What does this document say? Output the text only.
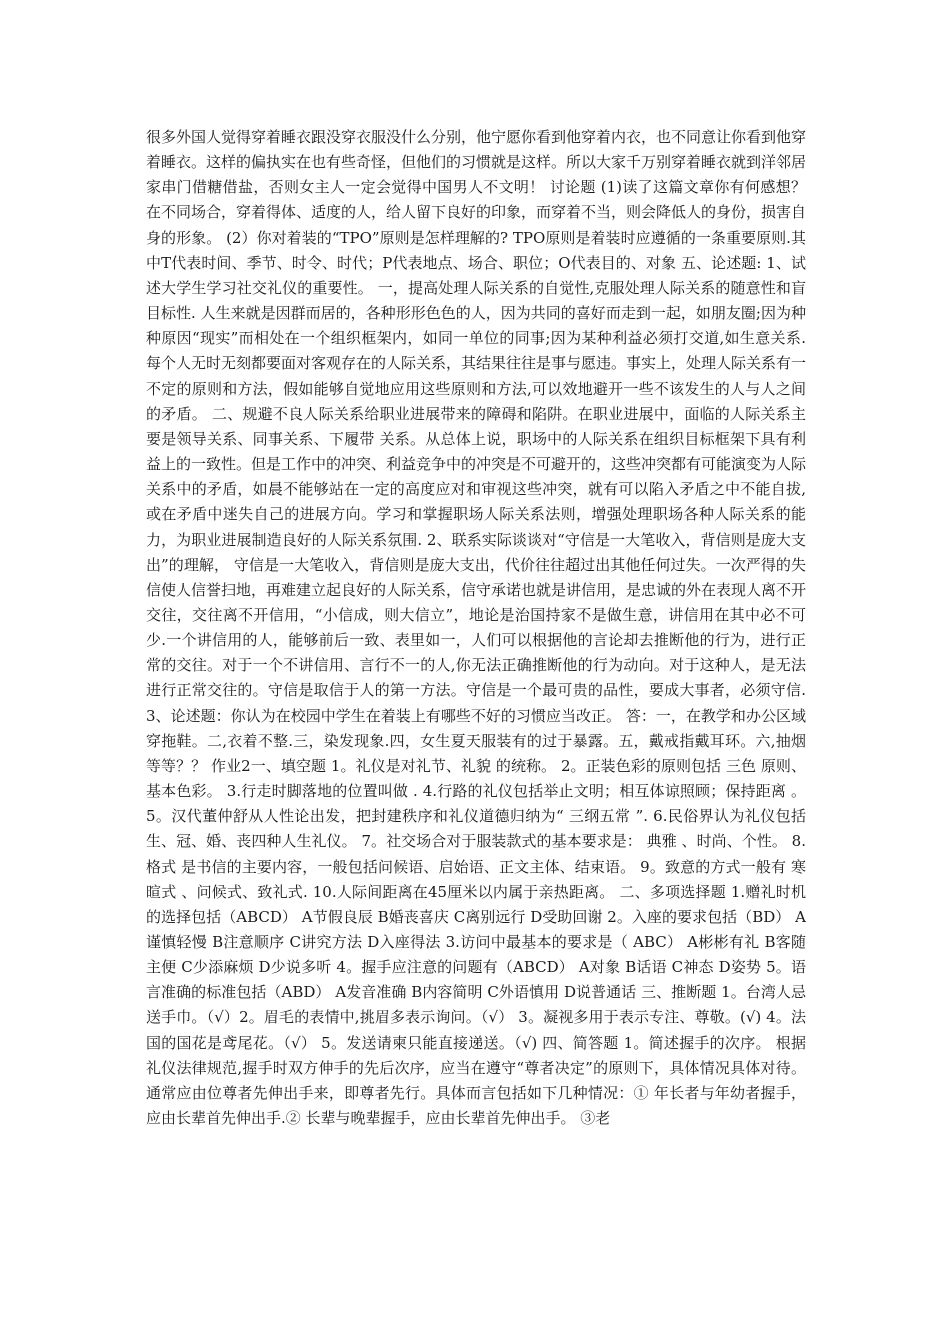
很多外国人觉得穿着睡衣跟没穿衣服没什么分别，他宁愿你看到他穿着内衣，也不同意让你看到他穿着睡衣。这样的偏执实在也有些奇怪，但他们的习惯就是这样。所以大家千万别穿着睡衣就到洋邻居家串门借糖借盐，否则女主人一定会觉得中国男人不文明！ 讨论题 (1)读了这篇文章你有何感想？ 在不同场合，穿着得体、适度的人，给人留下良好的印象，而穿着不当，则会降低人的身份，损害自身的形象。 (2）你对着装的“TPO”原则是怎样理解的? TPO原则是着装时应遵循的一条重要原则.其中T代表时间、季节、时令、时代；P代表地点、场合、职位；O代表目的、对象 五、论述题: 1、试述大学生学习社交礼仪的重要性。 一，提高处理人际关系的自觉性,克服处理人际关系的随意性和盲目标性. 人生来就是因群而居的，各种形形色色的人，因为共同的喜好而走到一起，如朋友圈;因为种种原因“现实”而相处在一个组织框架内，如同一单位的同事;因为某种利益必须打交道,如生意关系. 每个人无时无刻都要面对客观存在的人际关系，其结果往往是事与愿违。事实上，处理人际关系有一不定的原则和方法，假如能够自觉地应用这些原则和方法,可以效地避开一些不该发生的人与人之间的矛盾。 二、规避不良人际关系给职业进展带来的障碍和陷阱。在职业进展中，面临的人际关系主要是领导关系、同事关系、下履带 关系。从总体上说，职场中的人际关系在组织目标框架下具有利益上的一致性。但是工作中的冲突、利益竞争中的冲突是不可避开的，这些冲突都有可能演变为人际关系中的矛盾，如晨不能够站在一定的高度应对和审视这些冲突，就有可以陷入矛盾之中不能自拔,或在矛盾中迷失自己的进展方向。学习和掌握职场人际关系法则，增强处理职场各种人际关系的能力，为职业进展制造良好的人际关系氛围. 2、联系实际谈谈对“守信是一大笔收入，背信则是庞大支出”的理解， 守信是一大笔收入，背信则是庞大支出，代价往往超过出其他任何过失。一次严得的失信使人信誉扫地，再难建立起良好的人际关系，信守承诺也就是讲信用，是忠诚的外在表现人离不开交往，交往离不开信用，“小信成，则大信立”，地论是治国持家不是做生意，讲信用在其中必不可少.一个讲信用的人，能够前后一致、表里如一，人们可以根据他的言论却去推断他的行为，进行正常的交往。对于一个不讲信用、言行不一的人,你无法正确推断他的行为动向。对于这种人，是无法进行正常交往的。守信是取信于人的第一方法。守信是一个最可贵的品性，要成大事者，必须守信. 3、论述题：你认为在校园中学生在着装上有哪些不好的习惯应当改正。 答：一，在教学和办公区域穿拖鞋。二,衣着不整.三，染发现象.四，女生夏天服装有的过于暴露。五，戴戒指戴耳环。六,抽烟等等？？ 作业2一、填空题 1。礼仪是对礼节、礼貌 的统称。 2。正装色彩的原则包括 三色 原则、基本色彩。 3.行走时脚落地的位置叫做 . 4.行路的礼仪包括举止文明；相互体谅照顾；保持距离 。 5。汉代董仲舒从人性论出发，把封建秩序和礼仪道德归纳为“ 三纲五常 ”. 6.民俗界认为礼仪包括生、冠、婚、丧四种人生礼仪。 7。社交场合对于服装款式的基本要求是： 典雅 、时尚、个性。 8. 格式 是书信的主要内容，一般包括问候语、启始语、正文主体、结束语。 9。致意的方式一般有 寒暄式 、问候式、致礼式. 10.人际间距离在45厘米以内属于亲热距离。 二、多项选择题 1.赠礼时机的选择包括（ABCD） A节假良辰 B婚丧喜庆 C离别远行 D受助回谢 2。入座的要求包括（BD） A谨慎轻慢 B注意顺序 C讲究方法 D入座得法 3.访问中最基本的要求是（ ABC） A彬彬有礼 B客随主便 C少添麻烦 D少说多听 4。握手应注意的问题有（ABCD） A对象 B话语 C神态 D姿势 5。语言准确的标准包括（ABD） A发音准确 B内容简明 C外语慎用 D说普通话 三、推断题 1。台湾人忌送手巾。（√）2。眉毛的表情中,挑眉多表示询问。（√） 3。凝视多用于表示专注、尊敬。(√) 4。法国的国花是鸢尾花。（√） 5。发送请柬只能直接递送。（√) 四、简答题 1。简述握手的次序。 根据礼仪法律规范,握手时双方伸手的先后次序，应当在遵守“尊者决定”的原则下，具体情况具体对待。通常应由位尊者先伸出手来，即尊者先行。具体而言包括如下几种情况：① 年长者与年幼者握手，应由长辈首先伸出手.② 长辈与晚辈握手，应由长辈首先伸出手。 ③老
